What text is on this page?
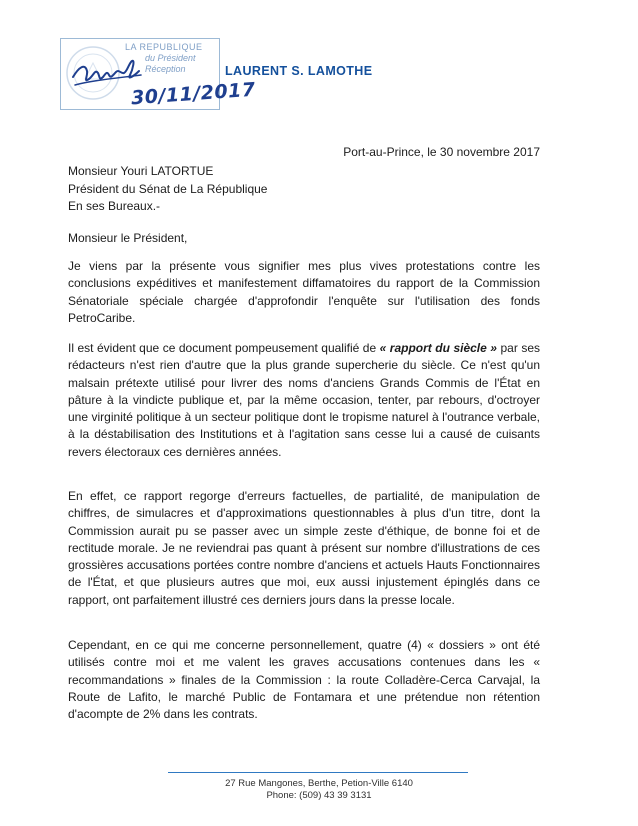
LA REPUBLIQUE
du Président
Réception
30/11/2017
LAURENT S. LAMOTHE
Port-au-Prince, le 30 novembre 2017
Monsieur Youri LATORTUE
Président du Sénat de La République
En ses Bureaux.-
Monsieur le Président,

Je viens par la présente vous signifier mes plus vives protestations contre les conclusions expéditives et manifestement diffamatoires du rapport de la Commission Sénatoriale spéciale chargée d'approfondir l'enquête sur l'utilisation des fonds PetroCaribe.

Il est évident que ce document pompeusement qualifié de « rapport du siècle » par ses rédacteurs n'est rien d'autre que la plus grande supercherie du siècle. Ce n'est qu'un malsain prétexte utilisé pour livrer des noms d'anciens Grands Commis de l'État en pâture à la vindicte publique et, par la même occasion, tenter, par rebours, d'octroyer une virginité politique à un secteur politique dont le tropisme naturel à l'outrance verbale, à la déstabilisation des Institutions et à l'agitation sans cesse lui a causé de cuisants revers électoraux ces dernières années.

En effet, ce rapport regorge d'erreurs factuelles, de partialité, de manipulation de chiffres, de simulacres et d'approximations questionnables à plus d'un titre, dont la Commission aurait pu se passer avec un simple zeste d'éthique, de bonne foi et de rectitude morale. Je ne reviendrai pas quant à présent sur nombre d'illustrations de ces grossières accusations portées contre nombre d'anciens et actuels Hauts Fonctionnaires de l'État, et que plusieurs autres que moi, eux aussi injustement épinglés dans ce rapport, ont parfaitement illustré ces derniers jours dans la presse locale.

Cependant, en ce qui me concerne personnellement, quatre (4) « dossiers » ont été utilisés contre moi et me valent les graves accusations contenues dans les « recommandations » finales de la Commission : la route Colladère-Cerca Carvajal, la Route de Lafito, le marché Public de Fontamara et une prétendue non rétention d'acompte de 2% dans les contrats.

27 Rue Mangones, Berthe, Petion-Ville 6140
Phone: (509) 43 39 3131
